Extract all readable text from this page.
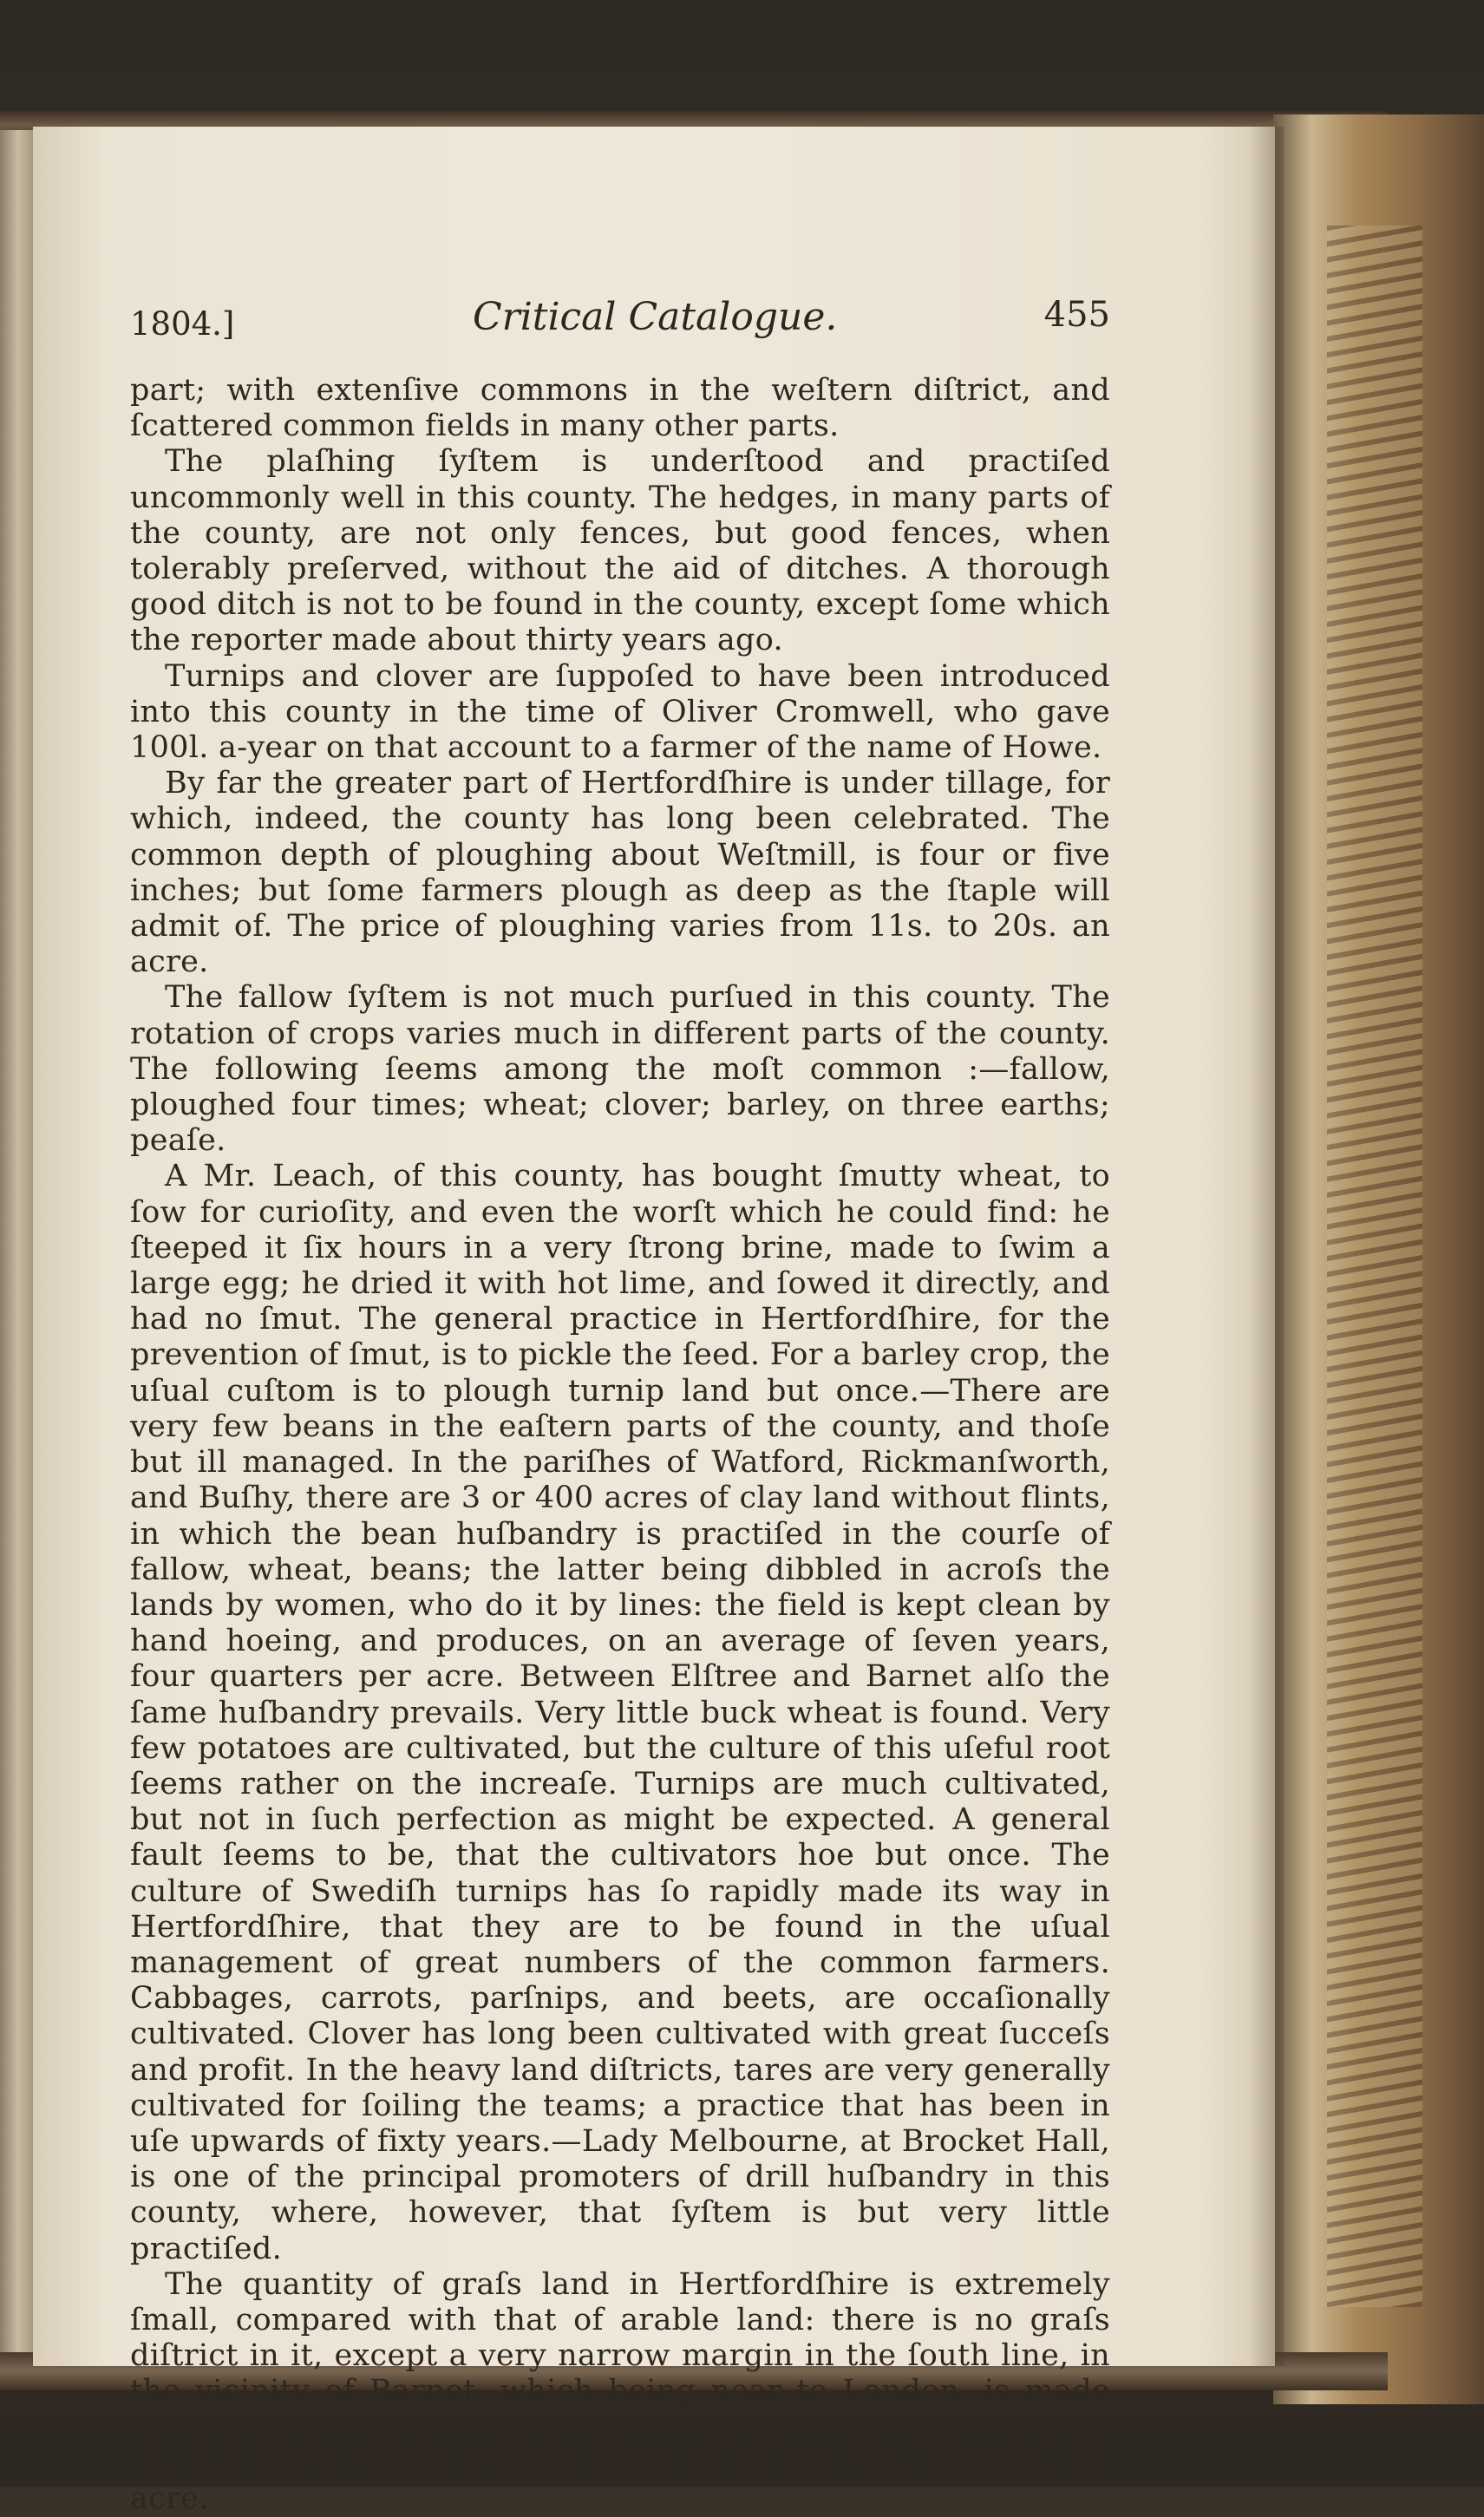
1804.]	Critical Catalogue.	455

part; with extenſive commons in the weſtern diſtrict, and ſcattered common fields in many other parts.

The plaſhing ſyſtem is underſtood and practiſed uncommonly well in this county. The hedges, in many parts of the county, are not only fences, but good fences, when tolerably preſerved, without the aid of ditches. A thorough good ditch is not to be found in the county, except ſome which the reporter made about thirty years ago.

Turnips and clover are ſuppoſed to have been introduced into this county in the time of Oliver Cromwell, who gave 100l. a-year on that account to a farmer of the name of Howe.

By far the greater part of Hertfordſhire is under tillage, for which, indeed, the county has long been celebrated. The common depth of ploughing about Weſtmill, is four or five inches; but ſome farmers plough as deep as the ſtaple will admit of. The price of ploughing varies from 11s. to 20s. an acre.

The fallow ſyſtem is not much purſued in this county. The rotation of crops varies much in different parts of the county. The following ſeems among the moſt common :—fallow, ploughed four times; wheat; clover; barley, on three earths; peaſe.

A Mr. Leach, of this county, has bought ſmutty wheat, to ſow for curioſity, and even the worſt which he could find: he ſteeped it ſix hours in a very ſtrong brine, made to ſwim a large egg; he dried it with hot lime, and ſowed it directly, and had no ſmut. The general practice in Hertfordſhire, for the prevention of ſmut, is to pickle the ſeed. For a barley crop, the uſual cuſtom is to plough turnip land but once.—There are very few beans in the eaſtern parts of the county, and thoſe but ill managed. In the pariſhes of Watford, Rickmanſworth, and Buſhy, there are 3 or 400 acres of clay land without flints, in which the bean huſbandry is practiſed in the courſe of fallow, wheat, beans; the latter being dibbled in acroſs the lands by women, who do it by lines: the field is kept clean by hand hoeing, and produces, on an average of ſeven years, four quarters per acre. Between Elſtree and Barnet alſo the ſame huſbandry prevails. Very little buck wheat is found. Very few potatoes are cultivated, but the culture of this uſeful root ſeems rather on the increaſe. Turnips are much cultivated, but not in ſuch perfection as might be expected. A general fault ſeems to be, that the cultivators hoe but once. The culture of Swediſh turnips has ſo rapidly made its way in Hertfordſhire, that they are to be found in the uſual management of great numbers of the common farmers. Cabbages, carrots, parſnips, and beets, are occaſionally cultivated. Clover has long been cultivated with great ſucceſs and profit. In the heavy land diſtricts, tares are very generally cultivated for ſoiling the teams; a practice that has been in uſe upwards of fixty years.—Lady Melbourne, at Brocket Hall, is one of the principal promoters of drill huſbandry in this county, where, however, that ſyſtem is but very little practiſed.

The quantity of graſs land in Hertfordſhire is extremely ſmall, compared with that of arable land: there is no graſs diſtrict in it, except a very narrow margin in the ſouth line, in the vicinity of Barnet, which being near to London, is made artificially productive, by means of manures brought back by the hay-carts. Many of theſe fields let at 40s. 50s. and 60s. an acre.
